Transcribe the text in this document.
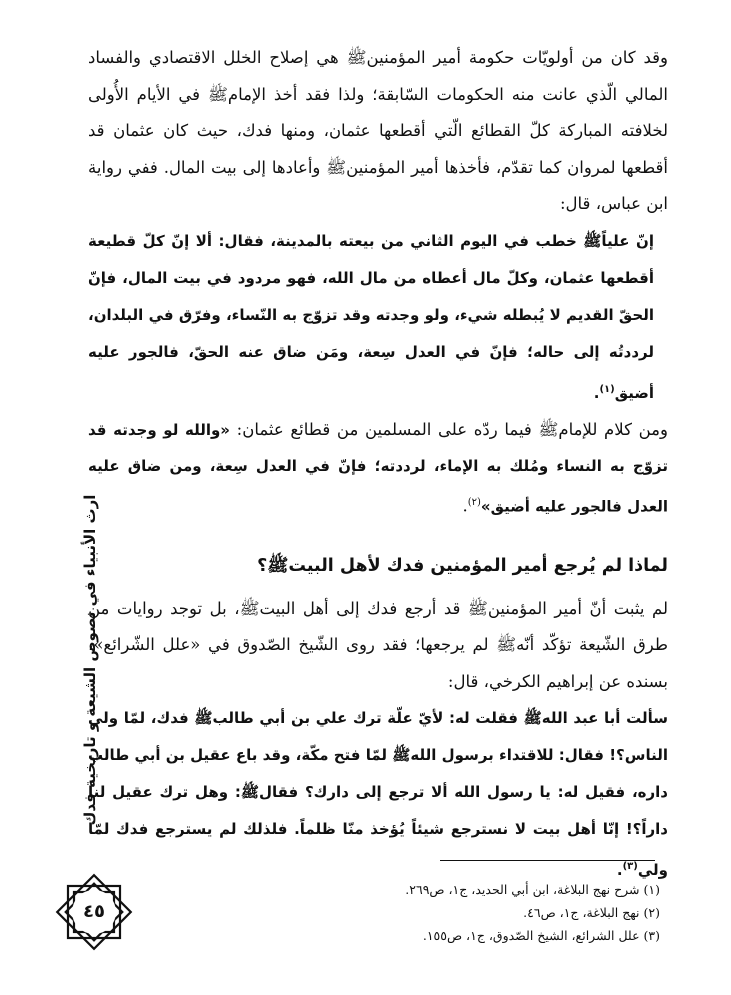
وقد كان من أولويّات حكومة أمير المؤمنينﷺ هي إصلاح الخلل الاقتصادي والفساد المالي الّذي عانت منه الحكومات السّابقة؛ ولذا فقد أخذ الإمامﷺ في الأيام الأُولى لخلافته المباركة كلّ القطائع الّتي أقطعها عثمان، ومنها فدك، حيث كان عثمان قد أقطعها لمروان كما تقدّم، فأخذها أمير المؤمنينﷺ وأعادها إلى بيت المال. ففي رواية ابن عباس، قال:

إنّ علياًﷺ خطب في اليوم الثاني من بيعته بالمدينة، فقال: ألا إنّ كلّ قطيعة أقطعها عثمان، وكلّ مال أعطاه من مال الله، فهو مردود في بيت المال، فإنّ الحقّ القديم لا يُبطله شيء، ولو وجدته وقد تزوّج به النّساء، وفرّق في البلدان، لرددتُه إلى حاله؛ فإنّ في العدل سِعة، ومَن ضاق عنه الحقّ، فالجور عليه أضيق$^{(١)}$.

ومن كلام للإمامﷺ فيما ردّه على المسلمين من قطائع عثمان: «والله لو وجدته قد تزوّج به النساء ومُلك به الإماء، لرددته؛ فإنّ في العدل سِعة، ومن ضاق عليه العدل فالجور عليه أضيق»$^{(٢)}$.

لماذا لم يُرجع أمير المؤمنين فدك لأهل البيتﷺ؟

لم يثبت أنّ أمير المؤمنينﷺ قد أرجع فدك إلى أهل البيتﷺ، بل توجد روايات من طرق الشّيعة تؤكّد أنّهﷺ لم يرجعها؛ فقد روى الشّيخ الصّدوق في «علل الشّرائع»، بسنده عن إبراهيم الكرخي، قال:

سألت أبا عبد اللهﷺ فقلت له: لأيّ علّة ترك علي بن أبي طالبﷺ فدك، لمّا ولي الناس؟! فقال: للاقتداء برسول اللهﷺ لمّا فتح مكّة، وقد باع عقيل بن أبي طالب داره، فقيل له: يا رسول الله ألا ترجع إلى دارك؟ فقالﷺ: وهل ترك عقيل لنا داراً؟! إنّا أهل بيت لا نسترجع شيئاً يُؤخذ منّا ظلماً. فلذلك لم يسترجع فدك لمّا ولي$^{(٣)}$.

ارث الأنبياء في نصوص الشيعة و تاريخية فدك
٤٥
(١) شرح نهج البلاغة، ابن أبي الحديد، ج١، ص٢٦٩.
(٢) نهج البلاغة، ج١، ص٤٦.
(٣) علل الشرائع، الشيخ الصّدوق، ج١، ص١٥٥.
